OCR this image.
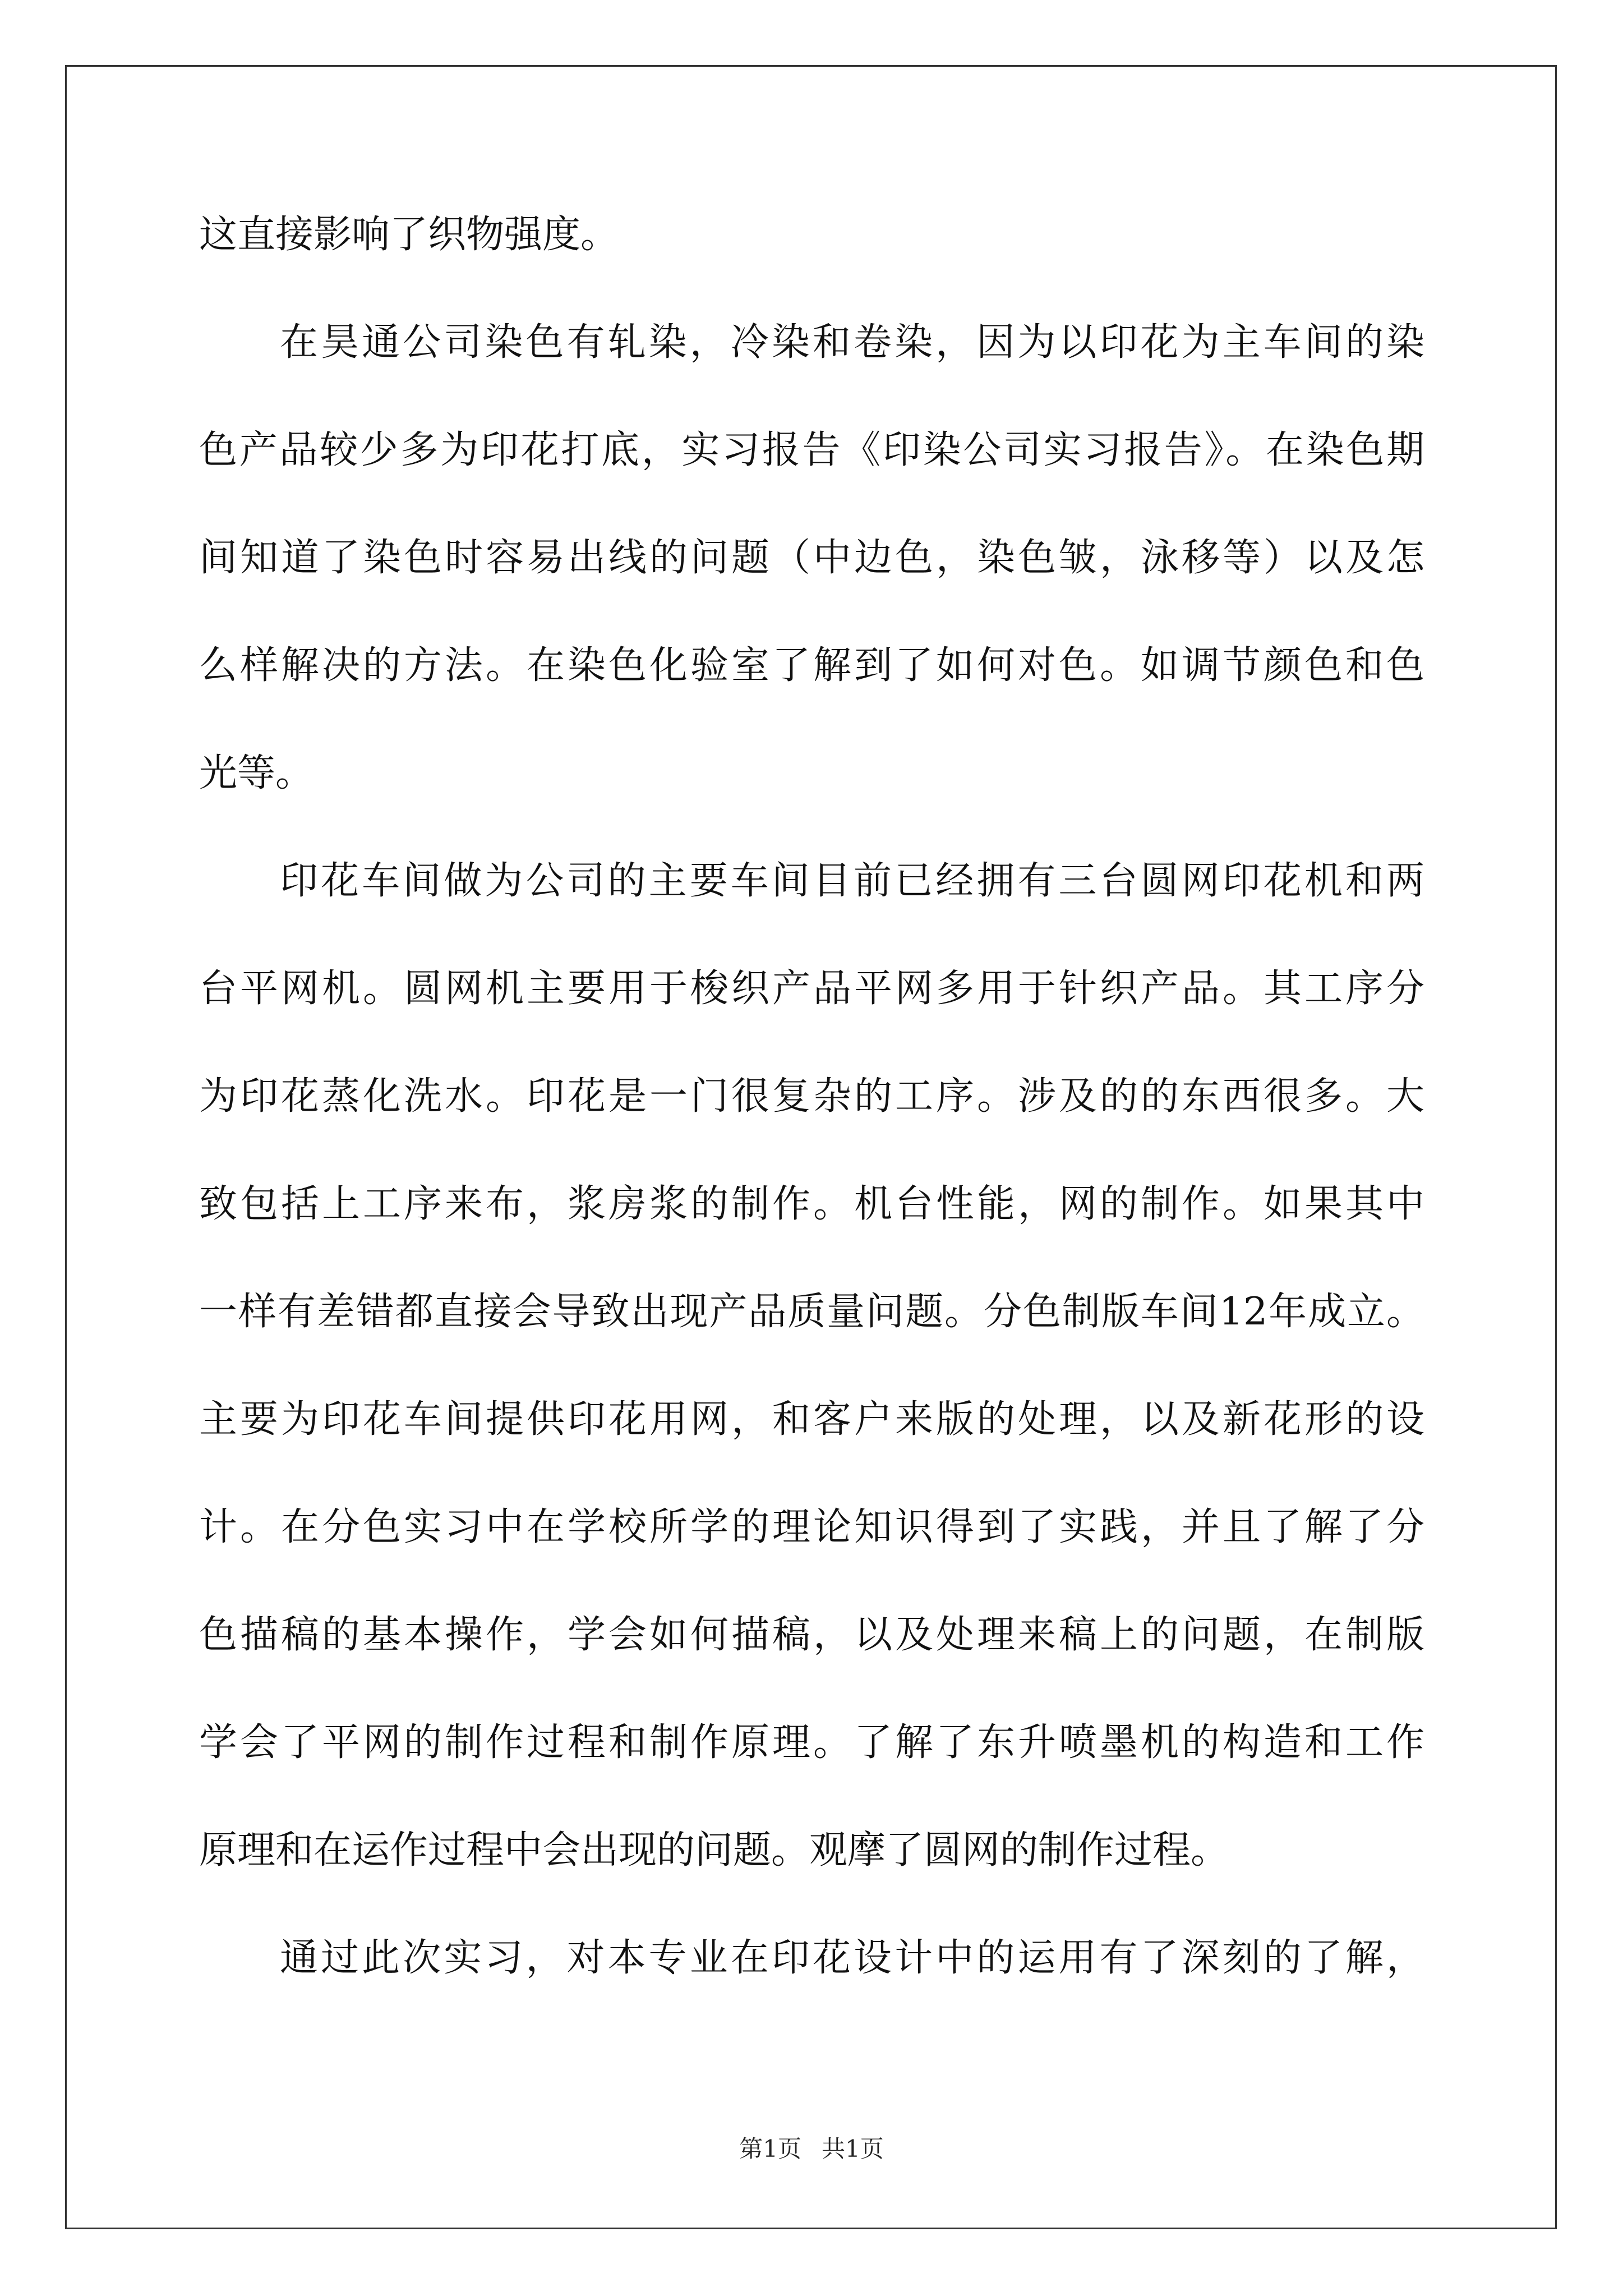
这直接影响了织物强度。
在昊通公司染色有轧染，冷染和卷染，因为以印花为主车间的染
色产品较少多为印花打底，实习报告《印染公司实习报告》。在染色期
间知道了染色时容易出线的问题（中边色，染色皱，泳移等）以及怎
么样解决的方法。在染色化验室了解到了如何对色。如调节颜色和色
光等。
印花车间做为公司的主要车间目前已经拥有三台圆网印花机和两
台平网机。圆网机主要用于梭织产品平网多用于针织产品。其工序分
为印花蒸化洗水。印花是一门很复杂的工序。涉及的的东西很多。大
致包括上工序来布，浆房浆的制作。机台性能，网的制作。如果其中
一样有差错都直接会导致出现产品质量问题。分色制版车间12年成立。
主要为印花车间提供印花用网，和客户来版的处理，以及新花形的设
计。在分色实习中在学校所学的理论知识得到了实践，并且了解了分
色描稿的基本操作，学会如何描稿，以及处理来稿上的问题，在制版
学会了平网的制作过程和制作原理。了解了东升喷墨机的构造和工作
原理和在运作过程中会出现的问题。观摩了圆网的制作过程。
通过此次实习，对本专业在印花设计中的运用有了深刻的了解，
第1页 共1页
